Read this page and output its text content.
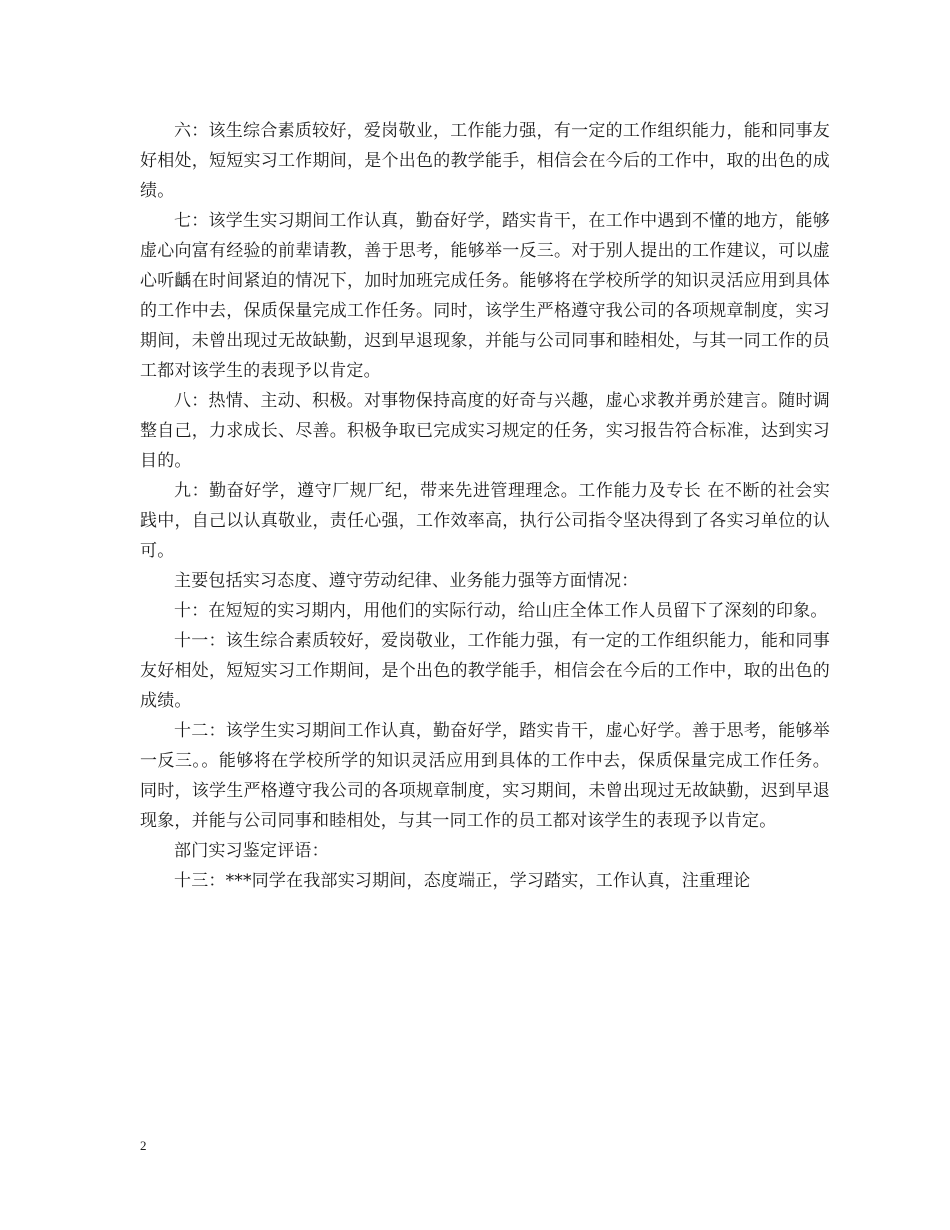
六：该生综合素质较好，爱岗敬业，工作能力强，有一定的工作组织能力，能和同事友好相处，短短实习工作期间，是个出色的教学能手，相信会在今后的工作中，取的出色的成绩。

七：该学生实习期间工作认真，勤奋好学，踏实肯干，在工作中遇到不懂的地方，能够虚心向富有经验的前辈请教，善于思考，能够举一反三。对于别人提出的工作建议，可以虚心听齲在时间紧迫的情况下，加时加班完成任务。能够将在学校所学的知识灵活应用到具体的工作中去，保质保量完成工作任务。同时，该学生严格遵守我公司的各项规章制度，实习期间，未曾出现过无故缺勤，迟到早退现象，并能与公司同事和睦相处，与其一同工作的员工都对该学生的表现予以肯定。

八：热情、主动、积极。对事物保持高度的好奇与兴趣，虚心求教并勇於建言。随时调整自己，力求成长、尽善。积极争取已完成实习规定的任务，实习报告符合标准，达到实习目的。

九：勤奋好学，遵守厂规厂纪，带来先进管理理念。工作能力及专长 在不断的社会实践中，自己以认真敬业，责任心强，工作效率高，执行公司指令坚决得到了各实习单位的认可。

主要包括实习态度、遵守劳动纪律、业务能力强等方面情况：

十：在短短的实习期内，用他们的实际行动，给山庄全体工作人员留下了深刻的印象。

十一：该生综合素质较好，爱岗敬业，工作能力强，有一定的工作组织能力，能和同事友好相处，短短实习工作期间，是个出色的教学能手，相信会在今后的工作中，取的出色的成绩。

十二：该学生实习期间工作认真，勤奋好学，踏实肯干，虚心好学。善于思考，能够举一反三。。能够将在学校所学的知识灵活应用到具体的工作中去，保质保量完成工作任务。同时，该学生严格遵守我公司的各项规章制度，实习期间，未曾出现过无故缺勤，迟到早退现象，并能与公司同事和睦相处，与其一同工作的员工都对该学生的表现予以肯定。

部门实习鉴定评语：

十三：***同学在我部实习期间，态度端正，学习踏实，工作认真，注重理论

2
